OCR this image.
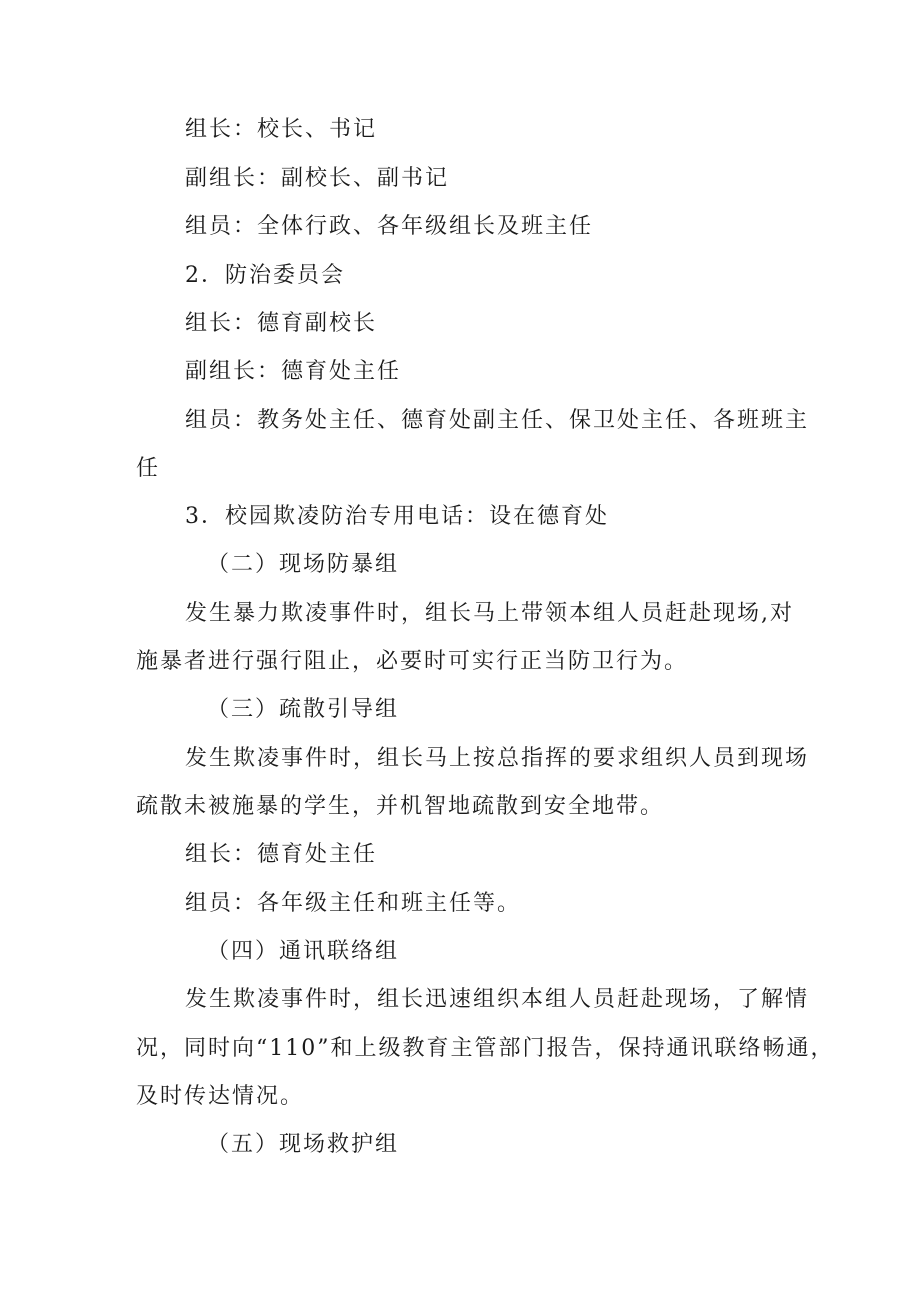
组长：校长、书记
副组长：副校长、副书记
组员：全体行政、各年级组长及班主任
2．防治委员会
组长：德育副校长
副组长：德育处主任
组员：教务处主任、德育处副主任、保卫处主任、各班班主
任
3．校园欺凌防治专用电话：设在德育处
（二）现场防暴组
发生暴力欺凌事件时，组长马上带领本组人员赶赴现场,对
施暴者进行强行阻止，必要时可实行正当防卫行为。
（三）疏散引导组
发生欺凌事件时，组长马上按总指挥的要求组织人员到现场
疏散未被施暴的学生，并机智地疏散到安全地带。
组长：德育处主任
组员：各年级主任和班主任等。
（四）通讯联络组
发生欺凌事件时，组长迅速组织本组人员赶赴现场，了解情
况，同时向“110”和上级教育主管部门报告，保持通讯联络畅通，
及时传达情况。
（五）现场救护组
